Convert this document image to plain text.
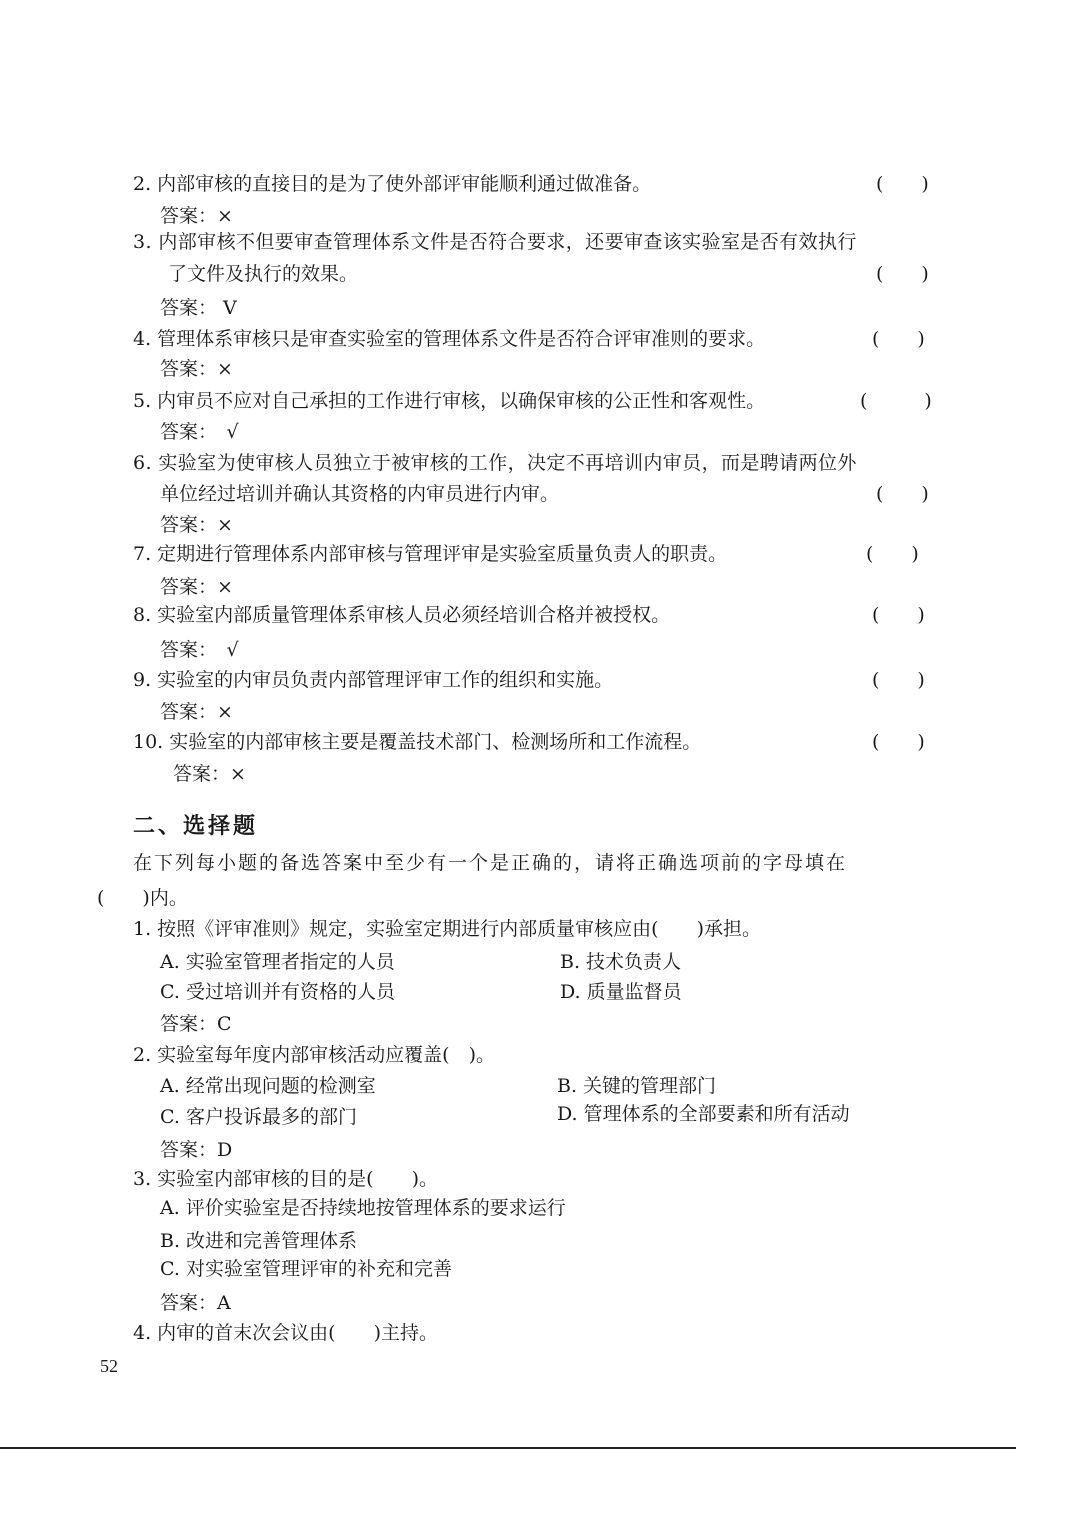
2. 内部审核的直接目的是为了使外部评审能顺利通过做准备。	(　　)
答案：×
3. 内部审核不但要审查管理体系文件是否符合要求，还要审查该实验室是否有效执行
了文件及执行的效果。	(　　)
答案： V
4. 管理体系审核只是审查实验室的管理体系文件是否符合评审准则的要求。	(　　)
答案：×
5. 内审员不应对自己承担的工作进行审核，以确保审核的公正性和客观性。	(　　　)
答案：　√
6. 实验室为使审核人员独立于被审核的工作，决定不再培训内审员，而是聘请两位外
单位经过培训并确认其资格的内审员进行内审。	(　　)
答案：×
7. 定期进行管理体系内部审核与管理评审是实验室质量负责人的职责。	(　　)
答案：×
8. 实验室内部质量管理体系审核人员必须经培训合格并被授权。	(　　)
答案：　√
9. 实验室的内审员负责内部管理评审工作的组织和实施。	(　　)
答案：×
10. 实验室的内部审核主要是覆盖技术部门、检测场所和工作流程。	(　　)
答案：×
二、选择题
在下列每小题的备选答案中至少有一个是正确的，请将正确选项前的字母填在
(　　)内。
1. 按照《评审准则》规定，实验室定期进行内部质量审核应由(　　)承担。
A. 实验室管理者指定的人员	B. 技术负责人
C. 受过培训并有资格的人员	D. 质量监督员
答案：C
2. 实验室每年度内部审核活动应覆盖(　)。
A. 经常出现问题的检测室	B. 关键的管理部门
C. 客户投诉最多的部门	D. 管理体系的全部要素和所有活动
答案：D
3. 实验室内部审核的目的是(　　)。
A. 评价实验室是否持续地按管理体系的要求运行
B. 改进和完善管理体系
C. 对实验室管理评审的补充和完善
答案：A
4. 内审的首末次会议由(　　)主持。
52
